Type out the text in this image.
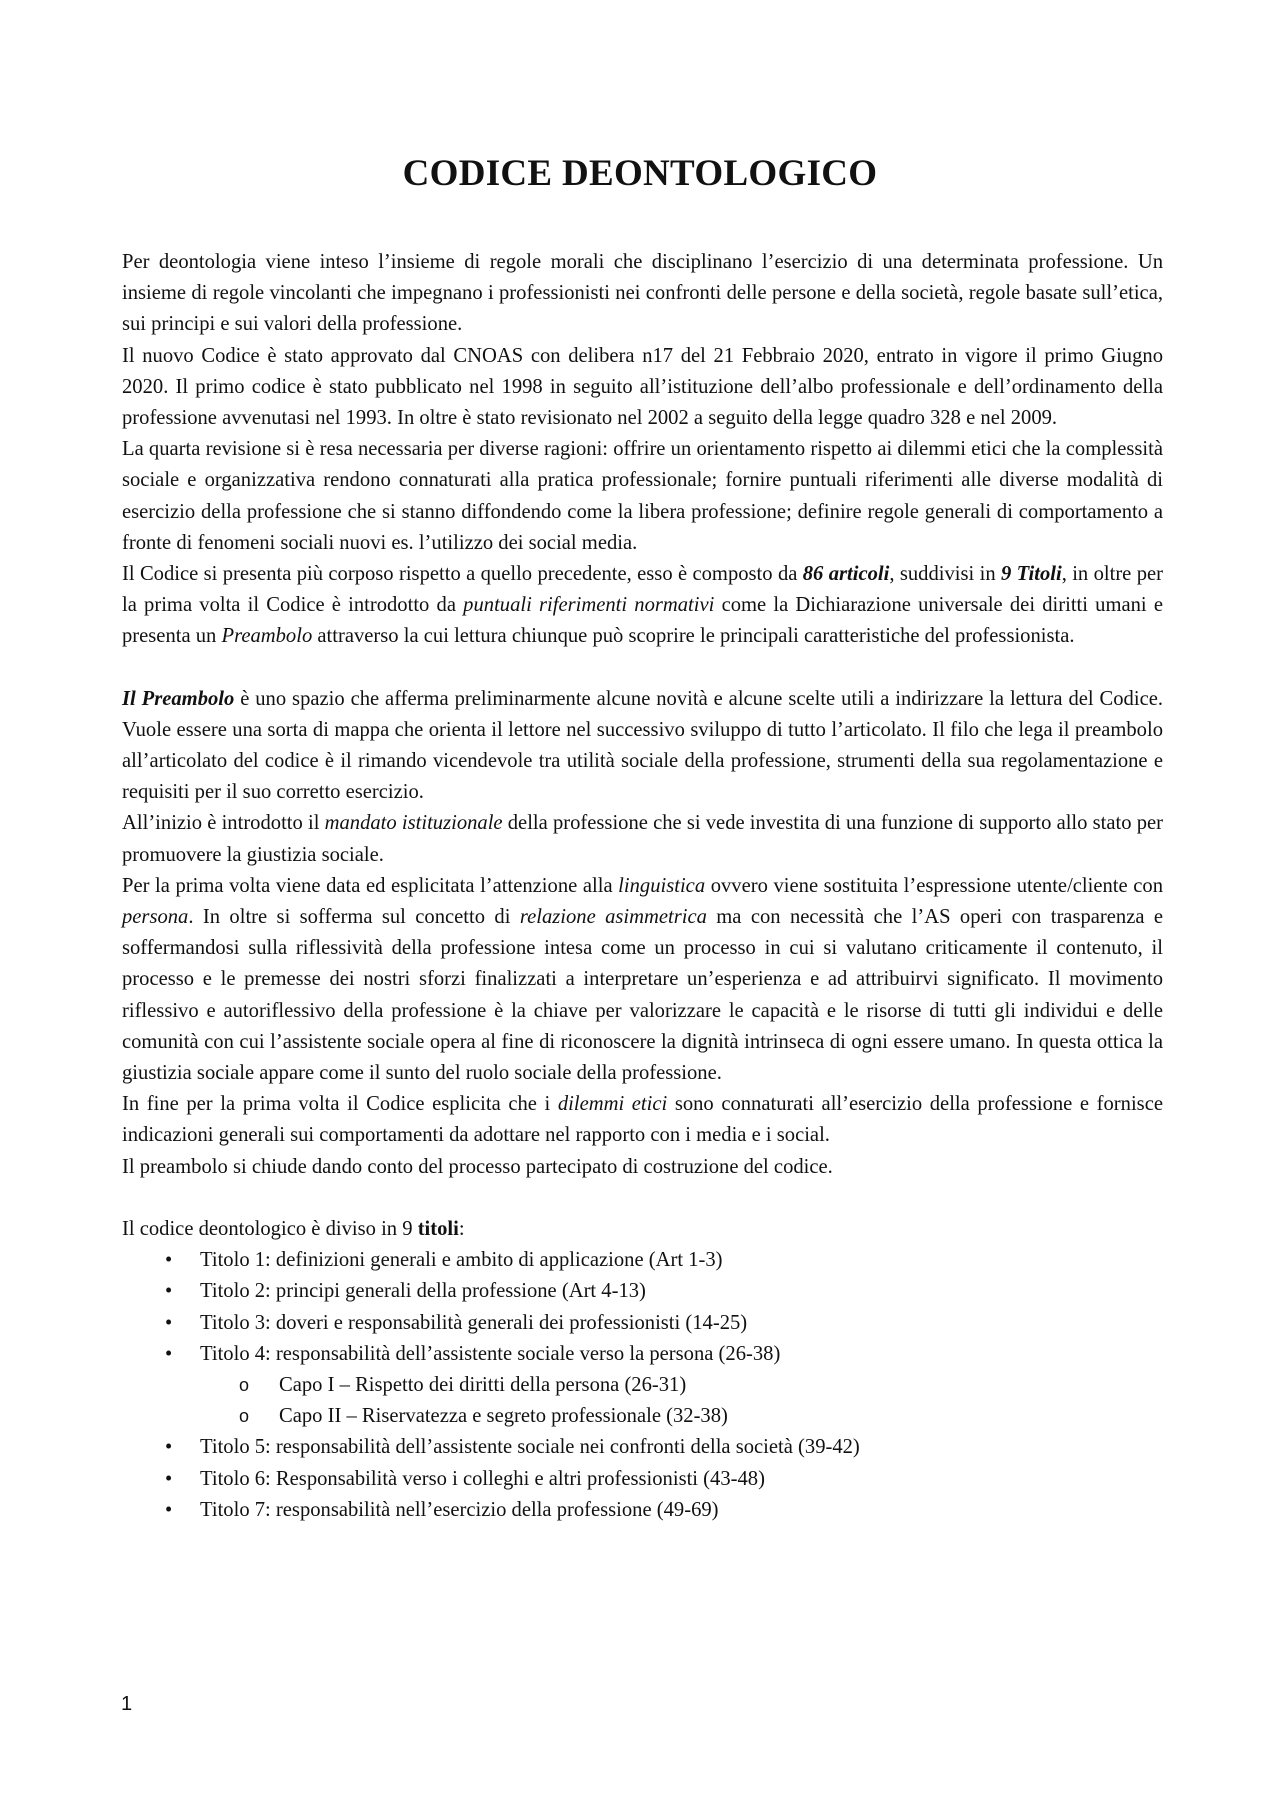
CODICE DEONTOLOGICO

Per deontologia viene inteso l’insieme di regole morali che disciplinano l’esercizio di una determinata professione. Un insieme di regole vincolanti che impegnano i professionisti nei confronti delle persone e della società, regole basate sull’etica, sui principi e sui valori della professione.

Il nuovo Codice è stato approvato dal CNOAS con delibera n17 del 21 Febbraio 2020, entrato in vigore il primo Giugno 2020. Il primo codice è stato pubblicato nel 1998 in seguito all’istituzione dell’albo professionale e dell’ordinamento della professione avvenutasi nel 1993. In oltre è stato revisionato nel 2002 a seguito della legge quadro 328 e nel 2009.

La quarta revisione si è resa necessaria per diverse ragioni: offrire un orientamento rispetto ai dilemmi etici che la complessità sociale e organizzativa rendono connaturati alla pratica professionale; fornire puntuali riferimenti alle diverse modalità di esercizio della professione che si stanno diffondendo come la libera professione; definire regole generali di comportamento a fronte di fenomeni sociali nuovi es. l’utilizzo dei social media.

Il Codice si presenta più corposo rispetto a quello precedente, esso è composto da 86 articoli, suddivisi in 9 Titoli, in oltre per la prima volta il Codice è introdotto da puntuali riferimenti normativi come la Dichiarazione universale dei diritti umani e presenta un Preambolo attraverso la cui lettura chiunque può scoprire le principali caratteristiche del professionista.

Il Preambolo è uno spazio che afferma preliminarmente alcune novità e alcune scelte utili a indirizzare la lettura del Codice. Vuole essere una sorta di mappa che orienta il lettore nel successivo sviluppo di tutto l’articolato. Il filo che lega il preambolo all’articolato del codice è il rimando vicendevole tra utilità sociale della professione, strumenti della sua regolamentazione e requisiti per il suo corretto esercizio.

All’inizio è introdotto il mandato istituzionale della professione che si vede investita di una funzione di supporto allo stato per promuovere la giustizia sociale.

Per la prima volta viene data ed esplicitata l’attenzione alla linguistica ovvero viene sostituita l’espressione utente/cliente con persona. In oltre si sofferma sul concetto di relazione asimmetrica ma con necessità che l’AS operi con trasparenza e soffermandosi sulla riflessività della professione intesa come un processo in cui si valutano criticamente il contenuto, il processo e le premesse dei nostri sforzi finalizzati a interpretare un’esperienza e ad attribuirvi significato. Il movimento riflessivo e autoriflessivo della professione è la chiave per valorizzare le capacità e le risorse di tutti gli individui e delle comunità con cui l’assistente sociale opera al fine di riconoscere la dignità intrinseca di ogni essere umano. In questa ottica la giustizia sociale appare come il sunto del ruolo sociale della professione.

In fine per la prima volta il Codice esplicita che i dilemmi etici sono connaturati all’esercizio della professione e fornisce indicazioni generali sui comportamenti da adottare nel rapporto con i media e i social.

Il preambolo si chiude dando conto del processo partecipato di costruzione del codice.

Il codice deontologico è diviso in 9 titoli:

• Titolo 1: definizioni generali e ambito di applicazione (Art 1-3)
• Titolo 2: principi generali della professione (Art 4-13)
• Titolo 3: doveri e responsabilità generali dei professionisti (14-25)
• Titolo 4: responsabilità dell’assistente sociale verso la persona (26-38)
o Capo I – Rispetto dei diritti della persona (26-31)
o Capo II – Riservatezza e segreto professionale (32-38)
• Titolo 5: responsabilità dell’assistente sociale nei confronti della società (39-42)
• Titolo 6: Responsabilità verso i colleghi e altri professionisti (43-48)
• Titolo 7: responsabilità nell’esercizio della professione (49-69)
1
